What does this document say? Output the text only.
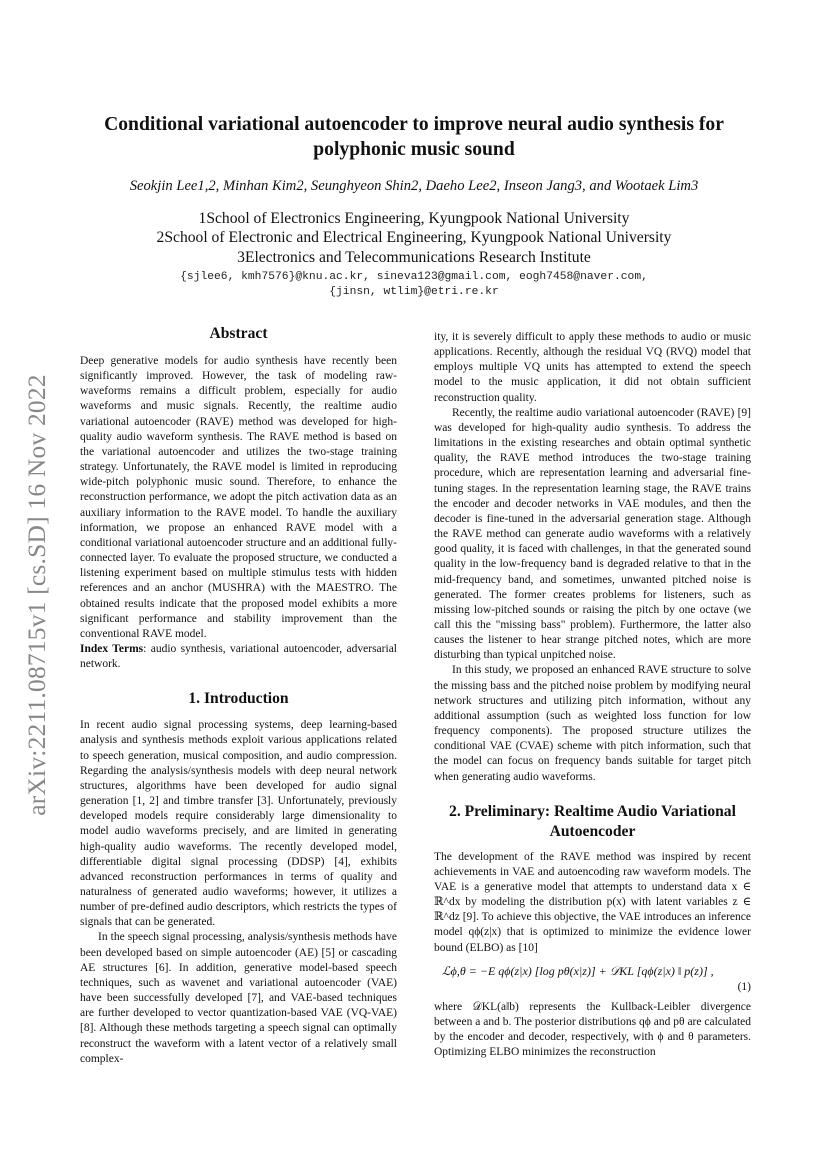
arXiv:2211.08715v1 [cs.SD] 16 Nov 2022
Conditional variational autoencoder to improve neural audio synthesis for polyphonic music sound
Seokjin Lee1,2, Minhan Kim2, Seunghyeon Shin2, Daeho Lee2, Inseon Jang3, and Wootaek Lim3
1School of Electronics Engineering, Kyungpook National University
2School of Electronic and Electrical Engineering, Kyungpook National University
3Electronics and Telecommunications Research Institute
{sjlee6, kmh7576}@knu.ac.kr, sineva123@gmail.com, eogh7458@naver.com,
{jinsn, wtlim}@etri.re.kr
Abstract

Deep generative models for audio synthesis have recently been significantly improved. However, the task of modeling raw-waveforms remains a difficult problem, especially for audio waveforms and music signals. Recently, the realtime audio variational autoencoder (RAVE) method was developed for high-quality audio waveform synthesis. The RAVE method is based on the variational autoencoder and utilizes the two-stage training strategy. Unfortunately, the RAVE model is limited in reproducing wide-pitch polyphonic music sound. Therefore, to enhance the reconstruction performance, we adopt the pitch activation data as an auxiliary information to the RAVE model. To handle the auxiliary information, we propose an enhanced RAVE model with a conditional variational autoencoder structure and an additional fully-connected layer. To evaluate the proposed structure, we conducted a listening experiment based on multiple stimulus tests with hidden references and an anchor (MUSHRA) with the MAESTRO. The obtained results indicate that the proposed model exhibits a more significant performance and stability improvement than the conventional RAVE model.

Index Terms: audio synthesis, variational autoencoder, adversarial network.

1. Introduction

In recent audio signal processing systems, deep learning-based analysis and synthesis methods exploit various applications related to speech generation, musical composition, and audio compression. Regarding the analysis/synthesis models with deep neural network structures, algorithms have been developed for audio signal generation [1, 2] and timbre transfer [3]. Unfortunately, previously developed models require considerably large dimensionality to model audio waveforms precisely, and are limited in generating high-quality audio waveforms. The recently developed model, differentiable digital signal processing (DDSP) [4], exhibits advanced reconstruction performances in terms of quality and naturalness of generated audio waveforms; however, it utilizes a number of pre-defined audio descriptors, which restricts the types of signals that can be generated.

In the speech signal processing, analysis/synthesis methods have been developed based on simple autoencoder (AE) [5] or cascading AE structures [6]. In addition, generative model-based speech techniques, such as wavenet and variational autoencoder (VAE) have been successfully developed [7], and VAE-based techniques are further developed to vector quantization-based VAE (VQ-VAE) [8]. Although these methods targeting a speech signal can optimally reconstruct the waveform with a latent vector of a relatively small complex-

ity, it is severely difficult to apply these methods to audio or music applications. Recently, although the residual VQ (RVQ) model that employs multiple VQ units has attempted to extend the speech model to the music application, it did not obtain sufficient reconstruction quality.

Recently, the realtime audio variational autoencoder (RAVE) [9] was developed for high-quality audio synthesis. To address the limitations in the existing researches and obtain optimal synthetic quality, the RAVE method introduces the two-stage training procedure, which are representation learning and adversarial fine-tuning stages. In the representation learning stage, the RAVE trains the encoder and decoder networks in VAE modules, and then the decoder is fine-tuned in the adversarial generation stage. Although the RAVE method can generate audio waveforms with a relatively good quality, it is faced with challenges, in that the generated sound quality in the low-frequency band is degraded relative to that in the mid-frequency band, and sometimes, unwanted pitched noise is generated. The former creates problems for listeners, such as missing low-pitched sounds or raising the pitch by one octave (we call this the "missing bass" problem). Furthermore, the latter also causes the listener to hear strange pitched notes, which are more disturbing than typical unpitched noise.

In this study, we proposed an enhanced RAVE structure to solve the missing bass and the pitched noise problem by modifying neural network structures and utilizing pitch information, without any additional assumption (such as weighted loss function for low frequency components). The proposed structure utilizes the conditional VAE (CVAE) scheme with pitch information, such that the model can focus on frequency bands suitable for target pitch when generating audio waveforms.

2. Preliminary: Realtime Audio Variational Autoencoder

The development of the RAVE method was inspired by recent achievements in VAE and autoencoding raw waveform models. The VAE is a generative model that attempts to understand data x ∈ ℝ^dx by modeling the distribution p(x) with latent variables z ∈ ℝ^dz [9]. To achieve this objective, the VAE introduces an inference model qϕ(z|x) that is optimized to minimize the evidence lower bound (ELBO) as [10]

ℒϕ,θ = −E qϕ(z|x) [log pθ(x|z)] + 𝒟KL [qϕ(z|x) ‖ p(z)] ,
(1)

where 𝒟KL(a‖b) represents the Kullback-Leibler divergence between a and b. The posterior distributions qϕ and pθ are calculated by the encoder and decoder, respectively, with ϕ and θ parameters. Optimizing ELBO minimizes the reconstruction
